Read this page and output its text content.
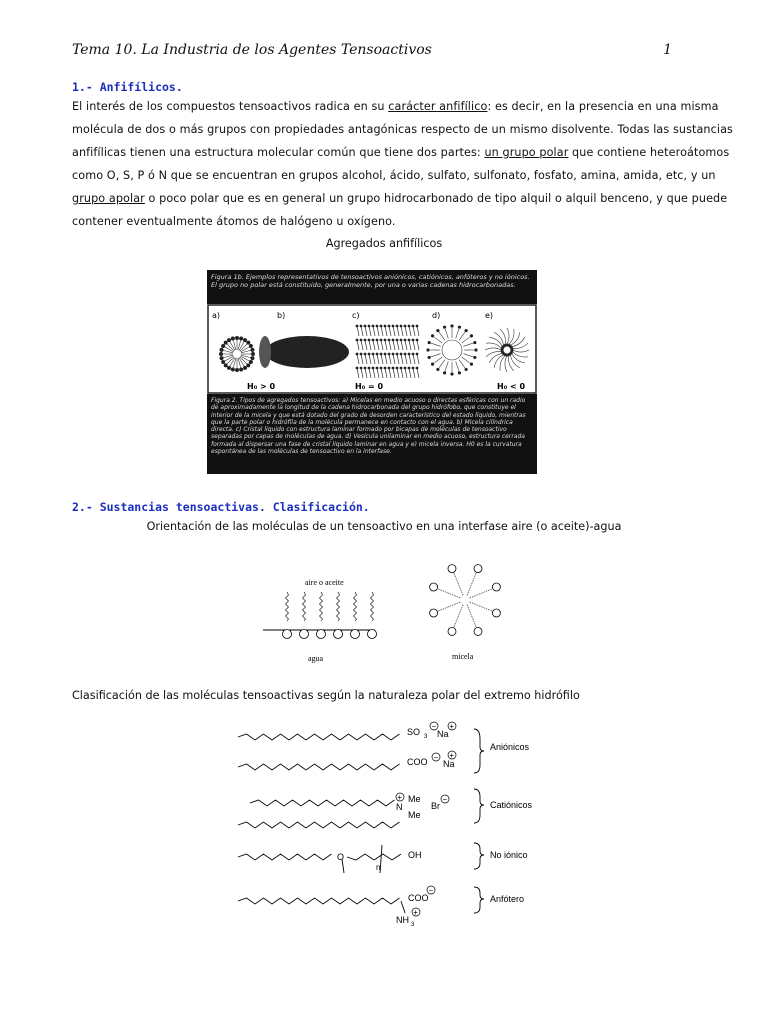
Tema 10. La Industria de los Agentes Tensoactivos	1
1.- Anfifílicos.
El interés de los compuestos tensoactivos radica en su carácter anfifílico: es decir, en la presencia en una misma
molécula de dos o más grupos con propiedades antagónicas respecto de un mismo disolvente. Todas las sustancias
anfifílicas tienen una estructura molecular común que tiene dos partes: un grupo polar que contiene heteroátomos
como O, S, P ó N que se encuentran en grupos alcohol, ácido, sulfato, sulfonato, fosfato, amina, amida, etc, y un
grupo apolar o poco polar que es en general un grupo hidrocarbonado de tipo alquil o alquil benceno, y que puede
contener eventualmente átomos de halógeno u oxígeno.
Agregados anfifílicos
Figura 1b. Ejemplos representativos de tensoactivos aniónicos, catiónicos, anfóteros y no iónicos. El grupo no polar está constituido, generalmente, por una o varias cadenas hidrocarbonadas.
a)	b)	c)	d)	e)
H₀ > 0	H₀ = 0	H₀ < 0
Figura 2. Tipos de agregados tensoactivos: a) Micelas en medio acuoso o directas esféricas con un radio de aproximadamente la longitud de la cadena hidrocarbonada del grupo hidrófobo, que constituye el interior de la micela y que está dotado del grado de desorden característico del estado líquido, mientras que la parte polar o hidrófila de la molécula permanece en contacto con el agua. b) Micela cilíndrica directa. c) Cristal líquido con estructura laminar formado por bicapas de moléculas de tensoactivo separadas por capas de moléculas de agua. d) Vesícula unilaminar en medio acuoso, estructura cerrada formada al dispersar una fase de cristal líquido laminar en agua y e) micela inversa. H0 es la curvatura espontánea de las moléculas de tensoactivo en la interfase.
2.- Sustancias tensoactivas. Clasificación.
Orientación de las moléculas de un tensoactivo en una interfase aire (o aceite)-agua
aire o aceite
agua	micela
Clasificación de las moléculas tensoactivas según la naturaleza polar del extremo hidrófilo
SO 3
−
Na
+
COO −
Na
+
+ Me
N
Me
Br
−
O
n
OH
COO
−
NH 3
+
Aniónicos
Catiónicos
No iónico
Anfótero
